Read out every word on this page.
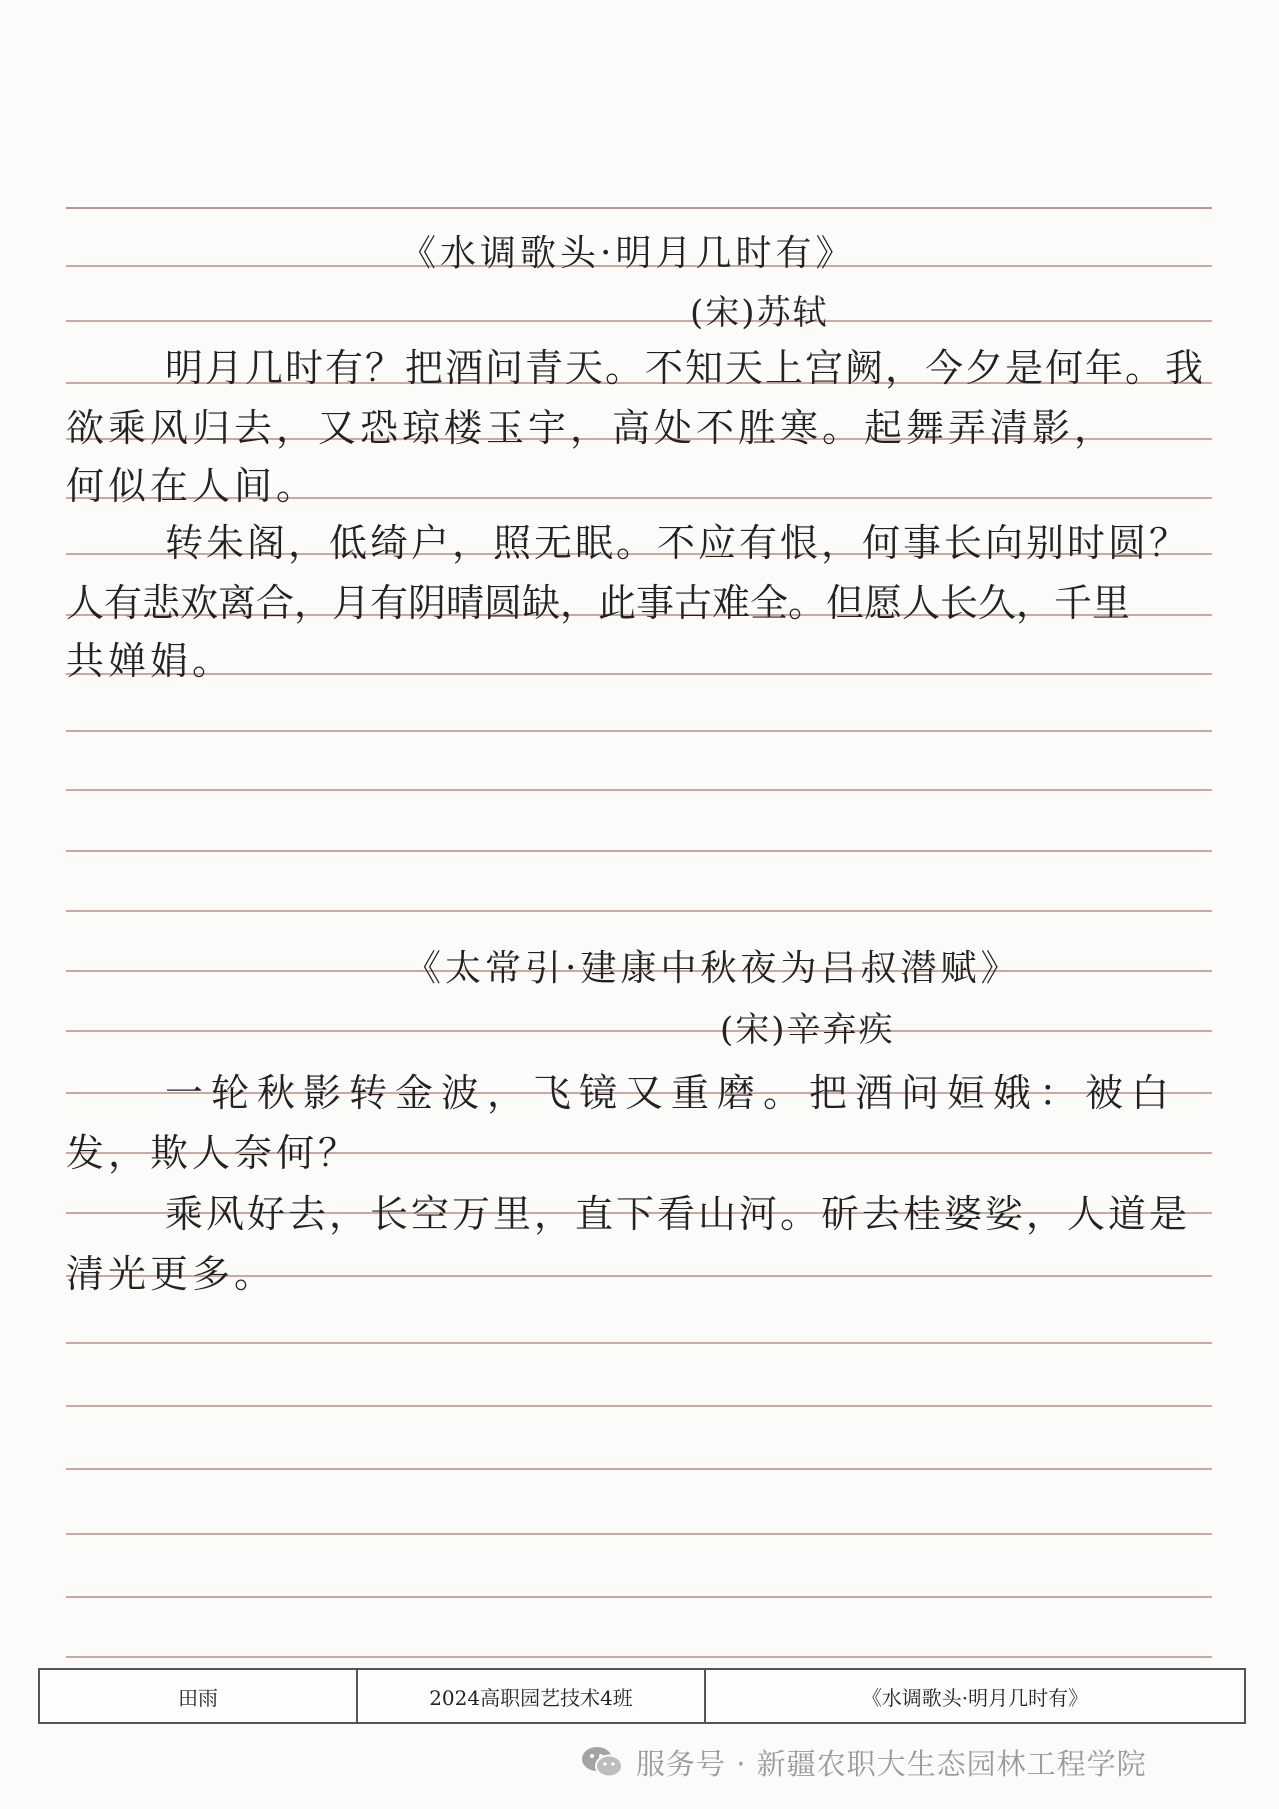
《水调歌头·明月几时有》
(宋)苏轼
明月几时有？把酒问青天。不知天上宫阙，今夕是何年。我
欲乘风归去，又恐琼楼玉宇，高处不胜寒。起舞弄清影，
何似在人间。
转朱阁，低绮户，照无眠。不应有恨，何事长向别时圆？
人有悲欢离合，月有阴晴圆缺，此事古难全。但愿人长久，千里
共婵娟。
《太常引·建康中秋夜为吕叔潜赋》
(宋)辛弃疾
一轮秋影转金波，飞镜又重磨。把酒问姮娥：被白
发，欺人奈何？
乘风好去，长空万里，直下看山河。斫去桂婆娑，人道是
清光更多。
田雨	2024高职园艺技术4班	《水调歌头·明月几时有》
服务号 · 新疆农职大生态园林工程学院
